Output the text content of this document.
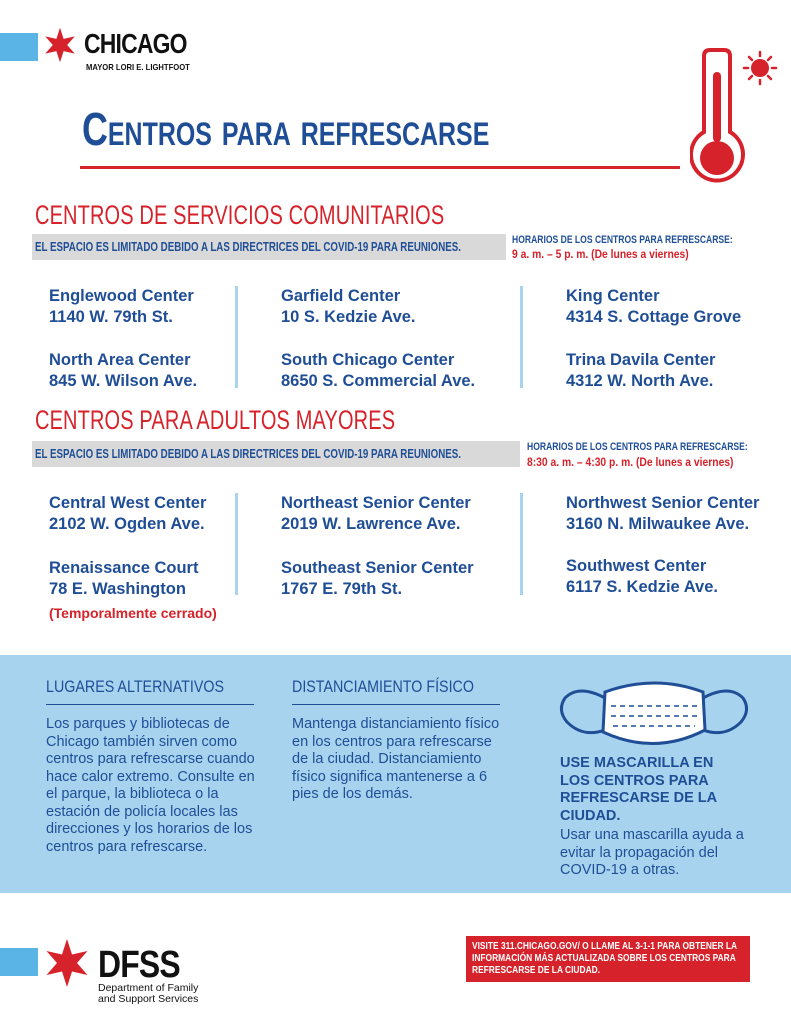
CHICAGO
MAYOR LORI E. LIGHTFOOT
Centros para refrescarse
CENTROS DE SERVICIOS COMUNITARIOS
EL ESPACIO ES LIMITADO DEBIDO A LAS DIRECTRICES DEL COVID-19 PARA REUNIONES.	HORARIOS DE LOS CENTROS PARA REFRESCARSE:
9 a. m. – 5 p. m. (De lunes a viernes)
Englewood Center
1140 W. 79th St.
Garfield Center
10 S. Kedzie Ave.
King Center
4314 S. Cottage Grove
North Area Center
845 W. Wilson Ave.
South Chicago Center
8650 S. Commercial Ave.
Trina Davila Center
4312 W. North Ave.
CENTROS PARA ADULTOS MAYORES
EL ESPACIO ES LIMITADO DEBIDO A LAS DIRECTRICES DEL COVID-19 PARA REUNIONES.	HORARIOS DE LOS CENTROS PARA REFRESCARSE:
8:30 a. m. – 4:30 p. m. (De lunes a viernes)
Central West Center
2102 W. Ogden Ave.
Northeast Senior Center
2019 W. Lawrence Ave.
Northwest Senior Center
3160 N. Milwaukee Ave.
Renaissance Court
78 E. Washington
(Temporalmente cerrado)
Southeast Senior Center
1767 E. 79th St.
Southwest Center
6117 S. Kedzie Ave.
LUGARES ALTERNATIVOS
Los parques y bibliotecas de Chicago también sirven como centros para refrescarse cuando hace calor extremo. Consulte en el parque, la biblioteca o la estación de policía locales las direcciones y los horarios de los centros para refrescarse.
DISTANCIAMIENTO FÍSICO
Mantenga distanciamiento físico en los centros para refrescarse de la ciudad. Distanciamiento físico significa mantenerse a 6 pies de los demás.
USE MASCARILLA EN LOS CENTROS PARA REFRESCARSE DE LA CIUDAD.
Usar una mascarilla ayuda a evitar la propagación del COVID-19 a otras.
DFSS
Department of Family
and Support Services
VISITE 311.CHICAGO.GOV/ O LLAME AL 3-1-1 PARA OBTENER LA INFORMACIÓN MÁS ACTUALIZADA SOBRE LOS CENTROS PARA REFRESCARSE DE LA CIUDAD.
